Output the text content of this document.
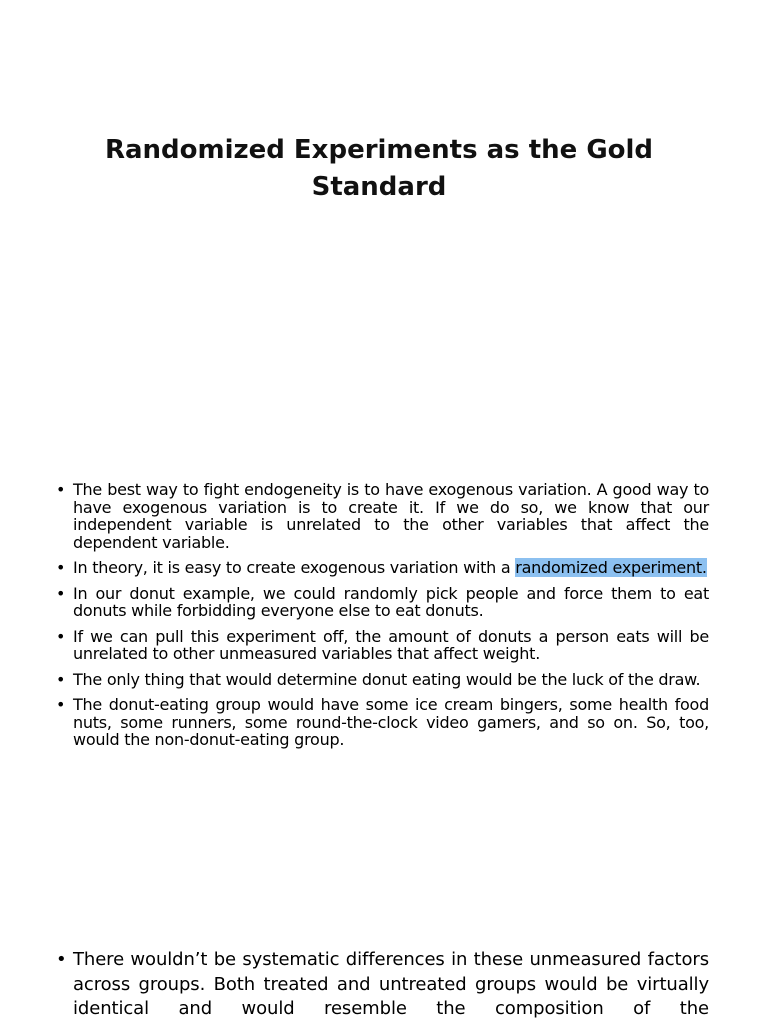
Randomized Experiments as the Gold Standard
• The best way to fight endogeneity is to have exogenous variation. A good way to have exogenous variation is to create it. If we do so, we know that our independent variable is unrelated to the other variables that affect the dependent variable.
• In theory, it is easy to create exogenous variation with a randomized experiment.
• In our donut example, we could randomly pick people and force them to eat donuts while forbidding everyone else to eat donuts.
• If we can pull this experiment off, the amount of donuts a person eats will be unrelated to other unmeasured variables that affect weight.
• The only thing that would determine donut eating would be the luck of the draw.
• The donut-eating group would have some ice cream bingers, some health food nuts, some runners, some round-the-clock video gamers, and so on. So, too, would the non-donut-eating group.
• There wouldn’t be systematic differences in these unmeasured factors across groups. Both treated and untreated groups would be virtually identical and would resemble the composition of the
